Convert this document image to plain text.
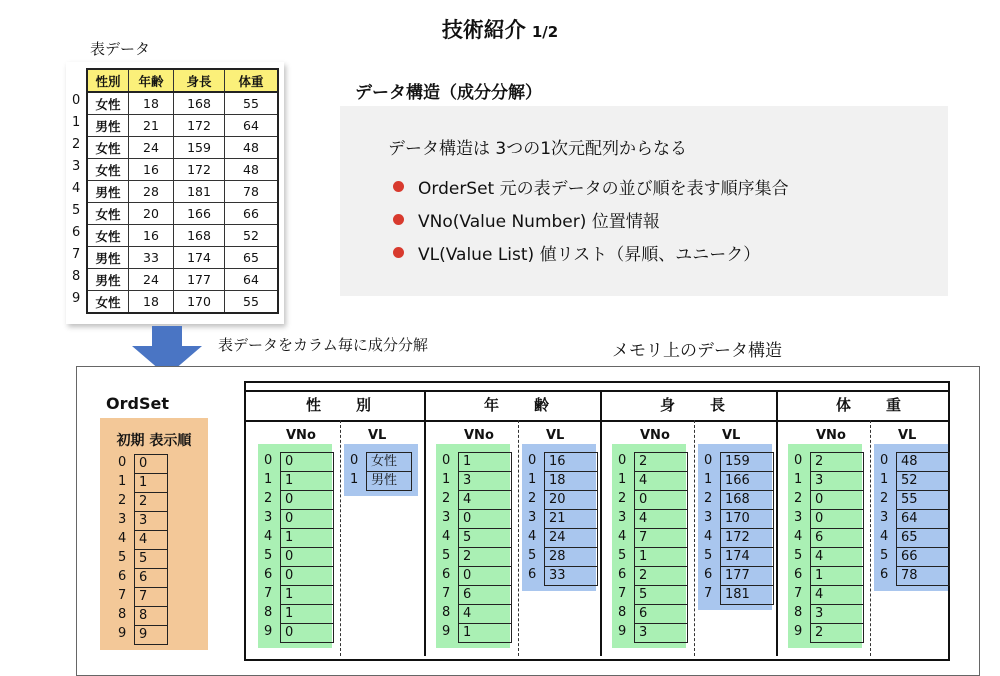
技術紹介 1/2
表データ
0
1
2
3
4
5
6
7
8
9
性別	年齢	身長	体重
女性	18	168	55
男性	21	172	64
女性	24	159	48
女性	16	172	48
男性	28	181	78
女性	20	166	66
女性	16	168	52
男性	33	174	65
男性	24	177	64
女性	18	170	55
データ構造（成分分解）
データ構造は 3つの1次元配列からなる
OrderSet 元の表データの並び順を表す順序集合
VNo(Value Number) 位置情報
VL(Value List) 値リスト（昇順、ユニーク）
表データをカラム毎に成分分解	メモリ上のデータ構造
OrdSet
初期 表示順
0 0
1 1
2 2
3 3
4 4
5 5
6 6
7 7
8 8
9 9
性　別
VNo	VL
0 0
1 1
2 0
3 0
4 1
5 0
6 0
7 1
8 1
9 0
0 女性
1 男性
年　齢
VNo	VL
0 1
1 3
2 4
3 0
4 5
5 2
6 0
7 6
8 4
9 1
0 16
1 18
2 20
3 21
4 24
5 28
6 33
身　長
VNo	VL
0 2
1 4
2 0
3 4
4 7
5 1
6 2
7 5
8 6
9 3
0 159
1 166
2 168
3 170
4 172
5 174
6 177
7 181
体　重
VNo	VL
0 2
1 3
2 0
3 0
4 6
5 4
6 1
7 4
8 3
9 2
0 48
1 52
2 55
3 64
4 65
5 66
6 78
